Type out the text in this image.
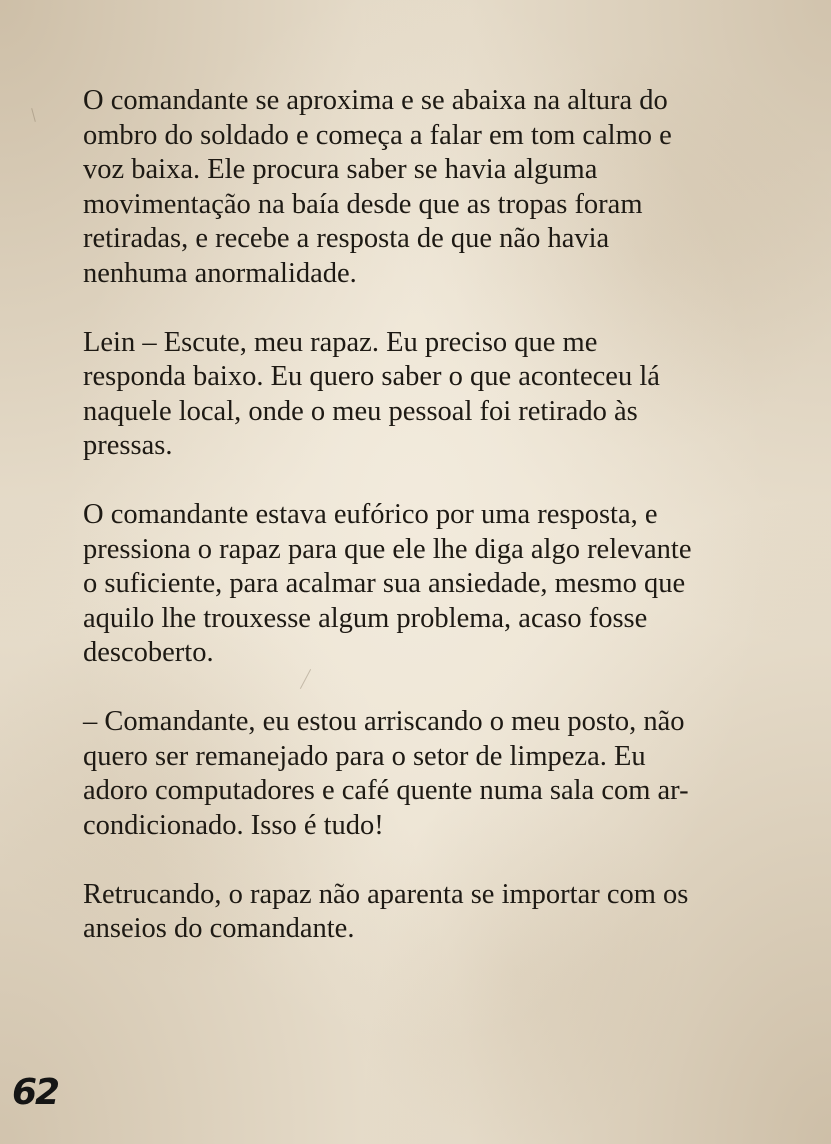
O comandante se aproxima e se abaixa na altura do
ombro do soldado e começa a falar em tom calmo e
voz baixa. Ele procura saber se havia alguma
movimentação na baía desde que as tropas foram
retiradas, e recebe a resposta de que não havia
nenhuma anormalidade.

Lein – Escute, meu rapaz. Eu preciso que me
responda baixo. Eu quero saber o que aconteceu lá
naquele local, onde o meu pessoal foi retirado às
pressas.

O comandante estava eufórico por uma resposta, e
pressiona o rapaz para que ele lhe diga algo relevante
o suficiente, para acalmar sua ansiedade, mesmo que
aquilo lhe trouxesse algum problema, acaso fosse
descoberto.

– Comandante, eu estou arriscando o meu posto, não
quero ser remanejado para o setor de limpeza. Eu
adoro computadores e café quente numa sala com ar-
condicionado. Isso é tudo!

Retrucando, o rapaz não aparenta se importar com os
anseios do comandante.

62
